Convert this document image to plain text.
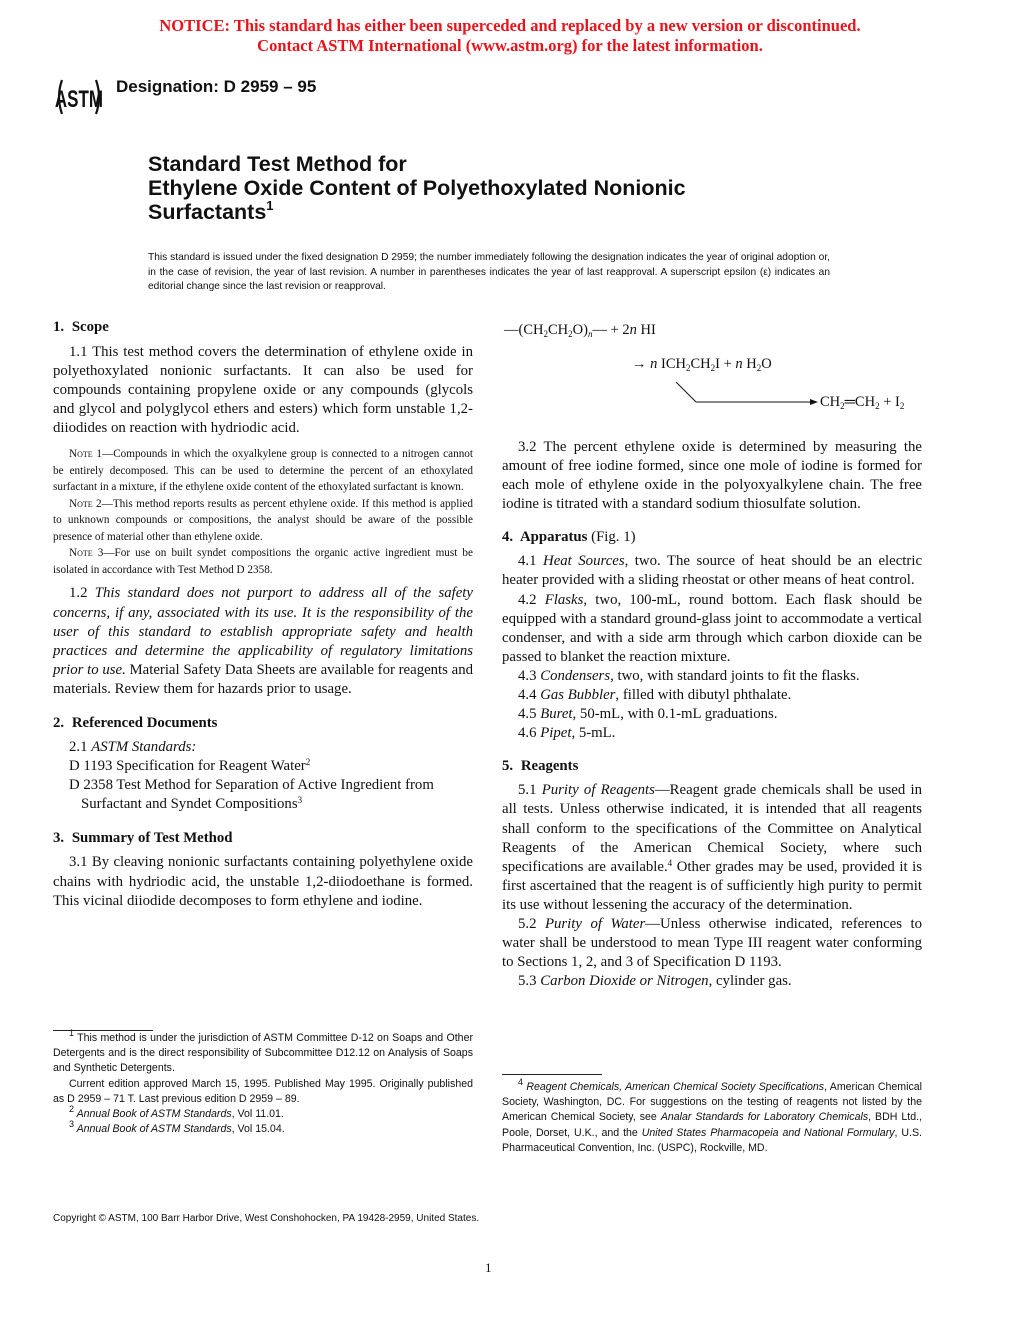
NOTICE: This standard has either been superceded and replaced by a new version or discontinued.
Contact ASTM International (www.astm.org) for the latest information.
ASTM Designation: D 2959 – 95
Standard Test Method for
Ethylene Oxide Content of Polyethoxylated Nonionic
Surfactants$^1$
This standard is issued under the fixed designation D 2959; the number immediately following the designation indicates the year of original adoption or, in the case of revision, the year of last revision. A number in parentheses indicates the year of last reapproval. A superscript epsilon (ε) indicates an editorial change since the last revision or reapproval.
1. Scope

1.1 This test method covers the determination of ethylene oxide in polyethoxylated nonionic surfactants. It can also be used for compounds containing propylene oxide or any compounds (glycols and glycol and polyglycol ethers and esters) which form unstable 1,2-diiodides on reaction with hydriodic acid.

Note 1—Compounds in which the oxyalkylene group is connected to a nitrogen cannot be entirely decomposed. This can be used to determine the percent of an ethoxylated surfactant in a mixture, if the ethylene oxide content of the ethoxylated surfactant is known.

Note 2—This method reports results as percent ethylene oxide. If this method is applied to unknown compounds or compositions, the analyst should be aware of the possible presence of material other than ethylene oxide.

Note 3—For use on built syndet compositions the organic active ingredient must be isolated in accordance with Test Method D 2358.

1.2 This standard does not purport to address all of the safety concerns, if any, associated with its use. It is the responsibility of the user of this standard to establish appropriate safety and health practices and determine the applicability of regulatory limitations prior to use. Material Safety Data Sheets are available for reagents and materials. Review them for hazards prior to usage.

2. Referenced Documents

2.1 ASTM Standards:

D 1193 Specification for Reagent Water$^2$

D 2358 Test Method for Separation of Active Ingredient from Surfactant and Syndet Compositions$^3$

3. Summary of Test Method

3.1 By cleaving nonionic surfactants containing polyethylene oxide chains with hydriodic acid, the unstable 1,2-diiodoethane is formed. This vicinal diiodide decomposes to form ethylene and iodine.

$—(CH_2CH_2O)_n— + 2n$ HI
→ n $ICH_2CH_2I + n$ $H_2O$
$CH_2═CH_2 + I_2$

3.2 The percent ethylene oxide is determined by measuring the amount of free iodine formed, since one mole of iodine is formed for each mole of ethylene oxide in the polyoxyalkylene chain. The free iodine is titrated with a standard sodium thiosulfate solution.

4. Apparatus (Fig. 1)

4.1 Heat Sources, two. The source of heat should be an electric heater provided with a sliding rheostat or other means of heat control.

4.2 Flasks, two, 100-mL, round bottom. Each flask should be equipped with a standard ground-glass joint to accommodate a vertical condenser, and with a side arm through which carbon dioxide can be passed to blanket the reaction mixture.

4.3 Condensers, two, with standard joints to fit the flasks.

4.4 Gas Bubbler, filled with dibutyl phthalate.

4.5 Buret, 50-mL, with 0.1-mL graduations.

4.6 Pipet, 5-mL.

5. Reagents

5.1 Purity of Reagents—Reagent grade chemicals shall be used in all tests. Unless otherwise indicated, it is intended that all reagents shall conform to the specifications of the Committee on Analytical Reagents of the American Chemical Society, where such specifications are available.$^4$ Other grades may be used, provided it is first ascertained that the reagent is of sufficiently high purity to permit its use without lessening the accuracy of the determination.

5.2 Purity of Water—Unless otherwise indicated, references to water shall be understood to mean Type III reagent water conforming to Sections 1, 2, and 3 of Specification D 1193.

5.3 Carbon Dioxide or Nitrogen, cylinder gas.

$^1$ This method is under the jurisdiction of ASTM Committee D-12 on Soaps and Other Detergents and is the direct responsibility of Subcommittee D12.12 on Analysis of Soaps and Synthetic Detergents.

Current edition approved March 15, 1995. Published May 1995. Originally published as D 2959 – 71 T. Last previous edition D 2959 – 89.

$^2$ Annual Book of ASTM Standards, Vol 11.01.

$^3$ Annual Book of ASTM Standards, Vol 15.04.

$^4$ Reagent Chemicals, American Chemical Society Specifications, American Chemical Society, Washington, DC. For suggestions on the testing of reagents not listed by the American Chemical Society, see Analar Standards for Laboratory Chemicals, BDH Ltd., Poole, Dorset, U.K., and the United States Pharmacopeia and National Formulary, U.S. Pharmaceutical Convention, Inc. (USPC), Rockville, MD.

Copyright © ASTM, 100 Barr Harbor Drive, West Conshohocken, PA 19428-2959, United States.
1
